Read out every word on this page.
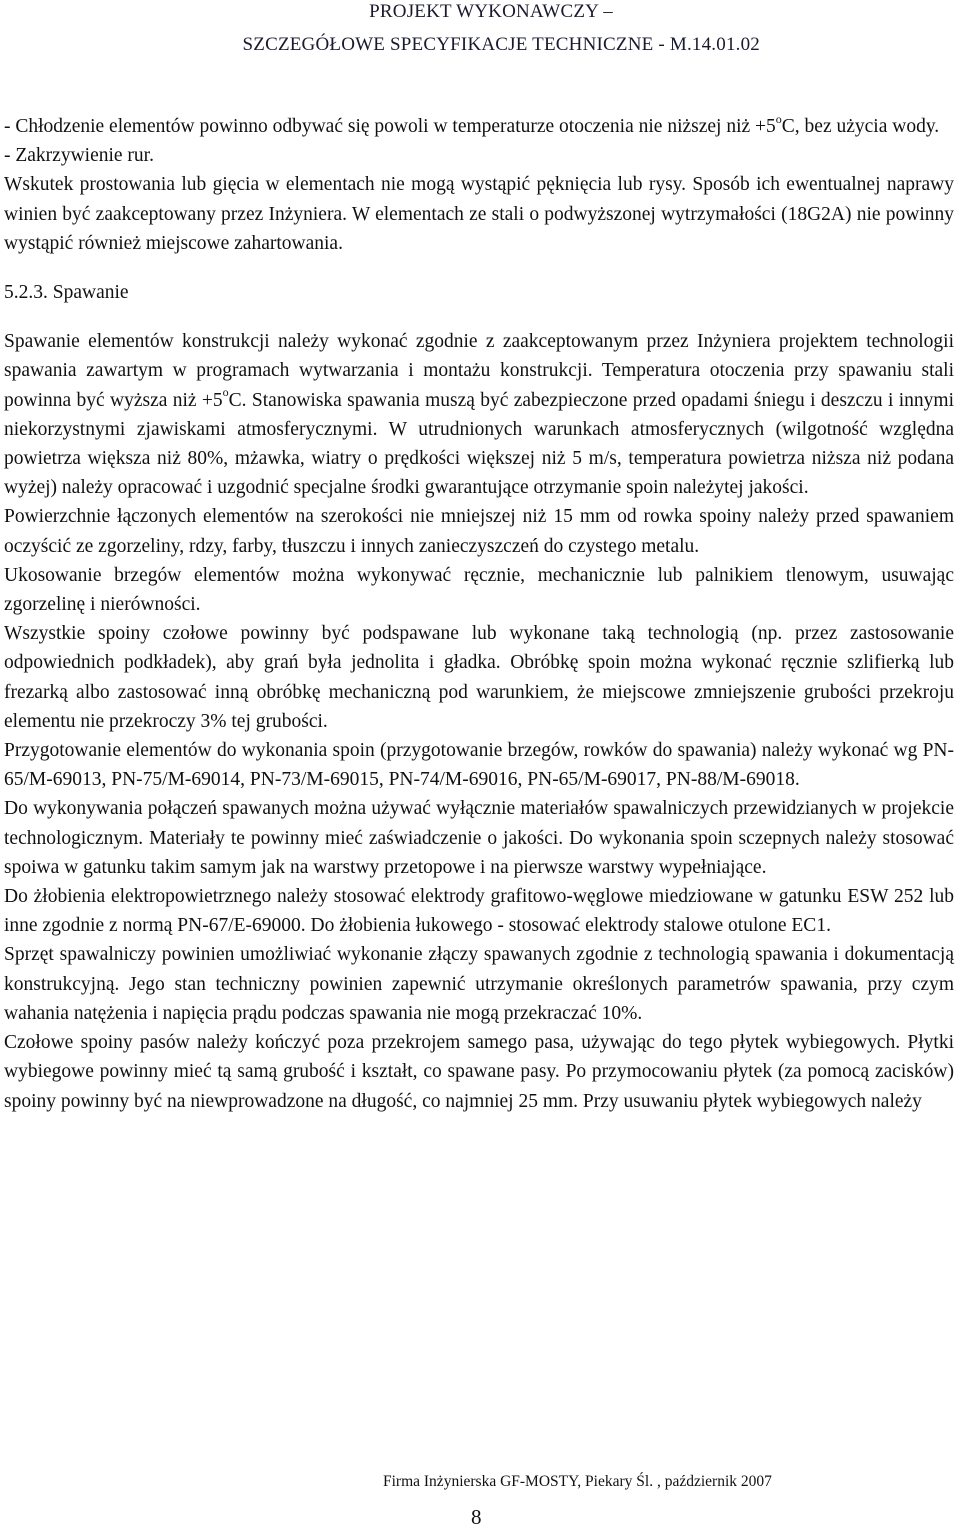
PROJEKT WYKONAWCZY –
SZCZEGÓŁOWE SPECYFIKACJE TECHNICZNE - M.14.01.02

- Chłodzenie elementów powinno odbywać się powoli w temperaturze otoczenia nie niższej niż $+5^oC$, bez użycia wody.

- Zakrzywienie rur.

Wskutek prostowania lub gięcia w elementach nie mogą wystąpić pęknięcia lub rysy. Sposób ich ewentualnej naprawy winien być zaakceptowany przez Inżyniera. W elementach ze stali o podwyższonej wytrzymałości (18G2A) nie powinny wystąpić również miejscowe zahartowania.

5.2.3. Spawanie

Spawanie elementów konstrukcji należy wykonać zgodnie z zaakceptowanym przez Inżyniera projektem technologii spawania zawartym w programach wytwarzania i montażu konstrukcji. Temperatura otoczenia przy spawaniu stali powinna być wyższa niż $+5^oC$. Stanowiska spawania muszą być zabezpieczone przed opadami śniegu i deszczu i innymi niekorzystnymi zjawiskami atmosferycznymi. W utrudnionych warunkach atmosferycznych (wilgotność względna powietrza większa niż 80%, mżawka, wiatry o prędkości większej niż 5 m/s, temperatura powietrza niższa niż podana wyżej) należy opracować i uzgodnić specjalne środki gwarantujące otrzymanie spoin należytej jakości.

Powierzchnie łączonych elementów na szerokości nie mniejszej niż 15 mm od rowka spoiny należy przed spawaniem oczyścić ze zgorzeliny, rdzy, farby, tłuszczu i innych zanieczyszczeń do czystego metalu.

Ukosowanie brzegów elementów można wykonywać ręcznie, mechanicznie lub palnikiem tlenowym, usuwając zgorzelinę i nierówności.

Wszystkie spoiny czołowe powinny być podspawane lub wykonane taką technologią (np. przez zastosowanie odpowiednich podkładek), aby grań była jednolita i gładka. Obróbkę spoin można wykonać ręcznie szlifierką lub frezarką albo zastosować inną obróbkę mechaniczną pod warunkiem, że miejscowe zmniejszenie grubości przekroju elementu nie przekroczy 3% tej grubości.

Przygotowanie elementów do wykonania spoin (przygotowanie brzegów, rowków do spawania) należy wykonać wg PN-65/M-69013, PN-75/M-69014, PN-73/M-69015, PN-74/M-69016, PN-65/M-69017, PN-88/M-69018.

Do wykonywania połączeń spawanych można używać wyłącznie materiałów spawalniczych przewidzianych w projekcie technologicznym. Materiały te powinny mieć zaświadczenie o jakości. Do wykonania spoin sczepnych należy stosować spoiwa w gatunku takim samym jak na warstwy przetopowe i na pierwsze warstwy wypełniające.

Do żłobienia elektropowietrznego należy stosować elektrody grafitowo-węglowe miedziowane w gatunku ESW 252 lub inne zgodnie z normą PN-67/E-69000. Do żłobienia łukowego - stosować elektrody stalowe otulone EC1.

Sprzęt spawalniczy powinien umożliwiać wykonanie złączy spawanych zgodnie z technologią spawania i dokumentacją konstrukcyjną. Jego stan techniczny powinien zapewnić utrzymanie określonych parametrów spawania, przy czym wahania natężenia i napięcia prądu podczas spawania nie mogą przekraczać 10%.

Czołowe spoiny pasów należy kończyć poza przekrojem samego pasa, używając do tego płytek wybiegowych. Płytki wybiegowe powinny mieć tą samą grubość i kształt, co spawane pasy. Po przymocowaniu płytek (za pomocą zacisków) spoiny powinny być na niewprowadzone na długość, co najmniej 25 mm. Przy usuwaniu płytek wybiegowych należy

Firma Inżynierska GF-MOSTY, Piekary Śl. , październik 2007
8
